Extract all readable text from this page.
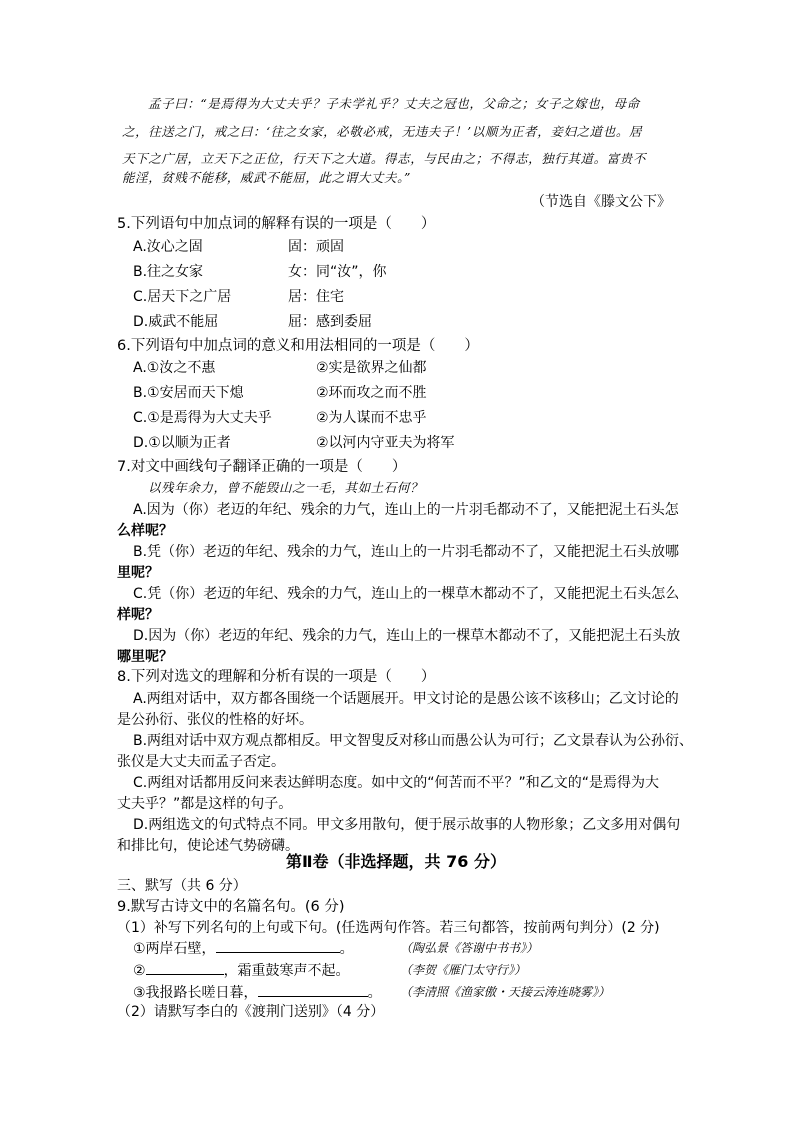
孟子曰：“是焉得为大丈夫乎？子未学礼乎？丈夫之冠也，父命之；女子之嫁也，母命
之，往送之门，戒之曰：‘往之女家，必敬必戒，无违夫子！’以顺为正者，妾妇之道也。居
天下之广居，立天下之正位，行天下之大道。得志，与民由之；不得志，独行其道。富贵不
能淫，贫贱不能移，威武不能屈，此之谓大丈夫。”
（节选自《滕文公下》
5.下列语句中加点词的解释有误的一项是（　　）
A.汝心之固	固：顽固
B.往之女家	女：同“汝”，你
C.居天下之广居	居：住宅
D.威武不能屈	屈：感到委屈
6.下列语句中加点词的意义和用法相同的一项是（　　）
A.①汝之不惠	②实是欲界之仙都
B.①安居而天下熄	②环而攻之而不胜
C.①是焉得为大丈夫乎	②为人谋而不忠乎
D.①以顺为正者	②以河内守亚夫为将军
7.对文中画线句子翻译正确的一项是（　　）
以残年余力，曾不能毁山之一毛，其如土石何？
A.因为（你）老迈的年纪、残余的力气，连山上的一片羽毛都动不了，又能把泥土石头怎
么样呢？
B.凭（你）老迈的年纪、残余的力气，连山上的一片羽毛都动不了，又能把泥土石头放哪
里呢？
C.凭（你）老迈的年纪、残余的力气，连山上的一棵草木都动不了，又能把泥土石头怎么
样呢？
D.因为（你）老迈的年纪、残余的力气，连山上的一棵草木都动不了，又能把泥土石头放
哪里呢？
8.下列对选文的理解和分析有误的一项是（　　）
A.两组对话中，双方都各围绕一个话题展开。甲文讨论的是愚公该不该移山；乙文讨论的
是公孙衍、张仪的性格的好坏。
B.两组对话中双方观点都相反。甲文智叟反对移山而愚公认为可行；乙文景春认为公孙衍、
张仪是大丈夫而孟子否定。
C.两组对话都用反问来表达鲜明态度。如中文的“何苦而不平？”和乙文的“是焉得为大
丈夫乎？”都是这样的句子。
D.两组选文的句式特点不同。甲文多用散句，便于展示故事的人物形象；乙文多用对偶句
和排比句，使论述气势磅礴。
第Ⅱ卷（非选择题，共 76 分）
三、默写（共 6 分）
9.默写古诗文中的名篇名句。(6 分)
（1）补写下列名句的上句或下句。(任选两句作答。若三句都答，按前两句判分）(2 分)
①两岸石壁，	。	（陶弘景《答谢中书书》）
②	，霜重鼓寒声不起。	（李贺《雁门太守行》）
③我报路长嗟日暮，	。 （李清照《渔家傲・天接云涛连晓雾》）
（2）请默写李白的《渡荆门送别》（4 分）
